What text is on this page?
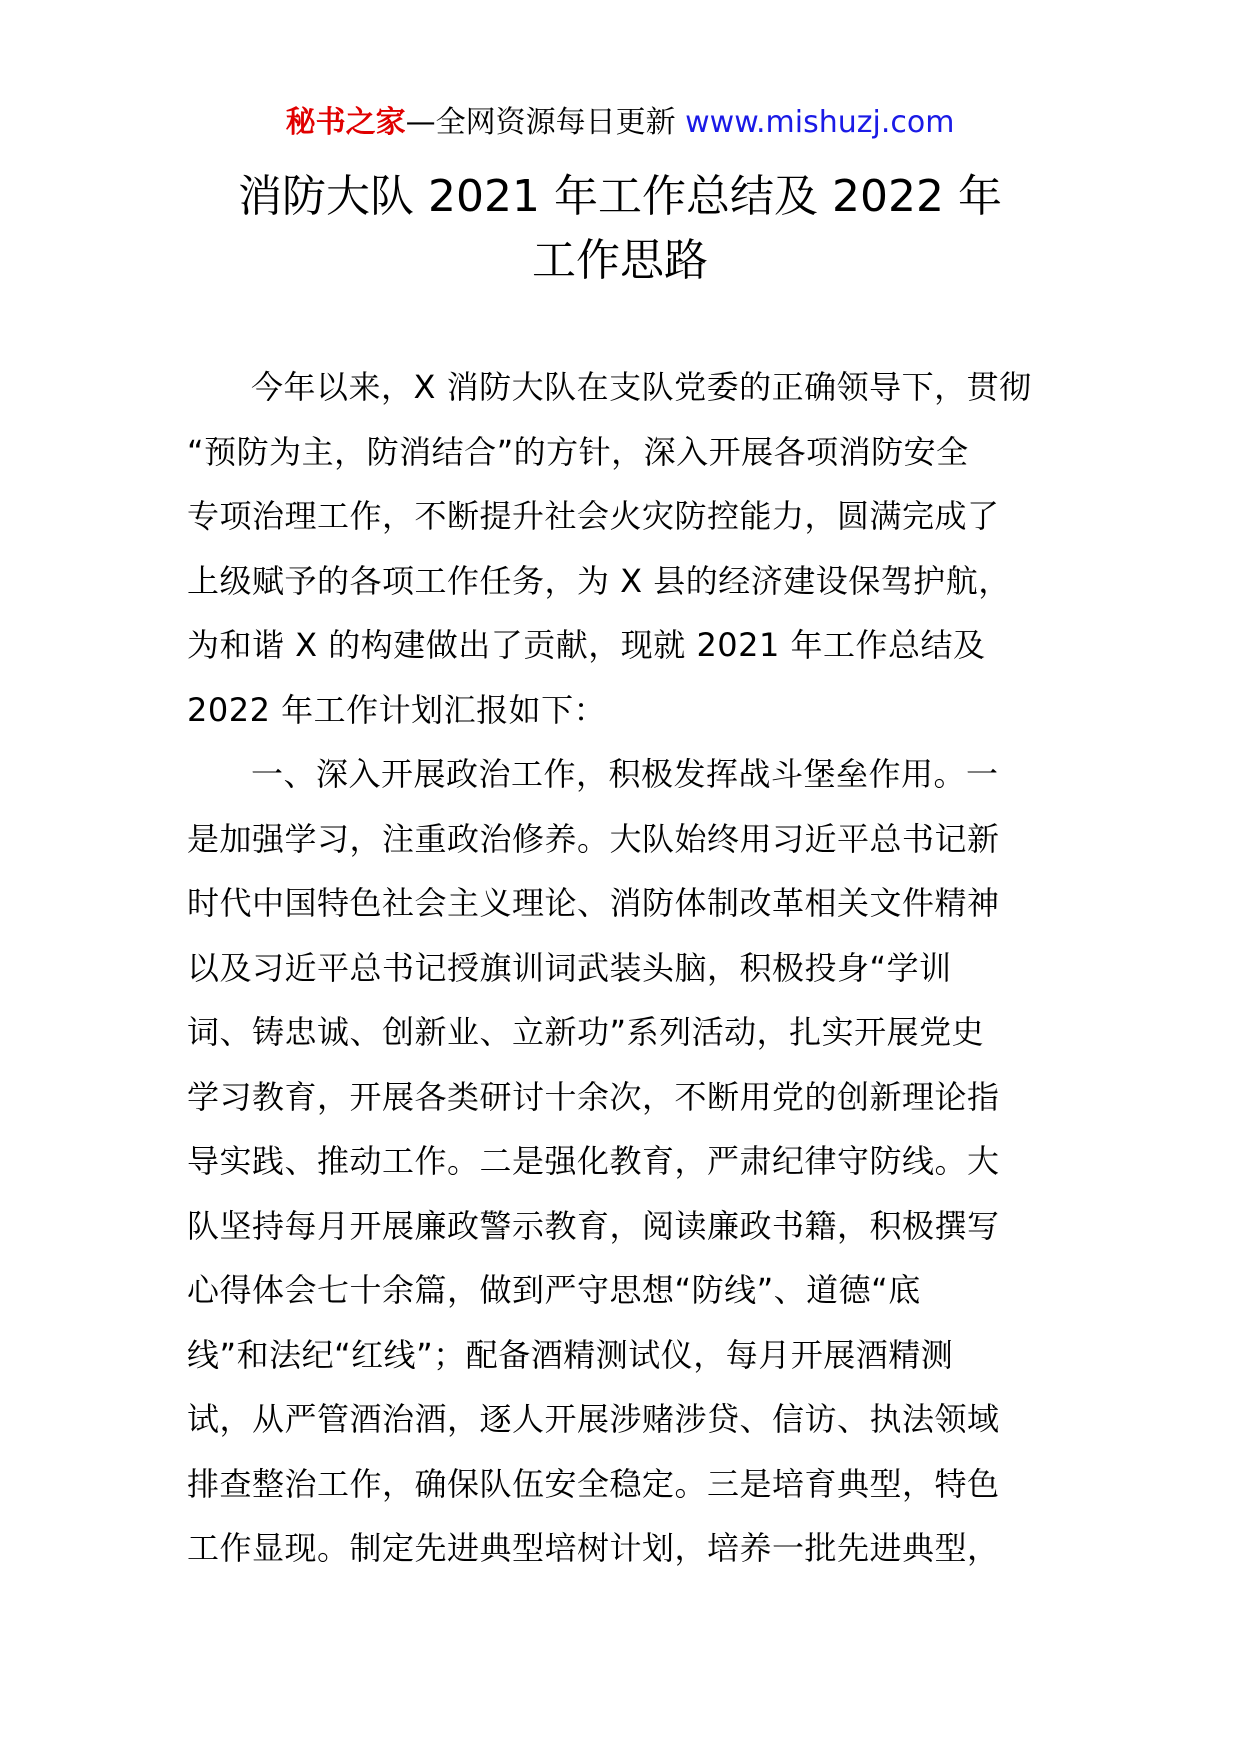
秘书之家—全网资源每日更新 www.mishuzj.com
消防大队 2021 年工作总结及 2022 年
工作思路
今年以来，X 消防大队在支队党委的正确领导下，贯彻
“预防为主，防消结合”的方针，深入开展各项消防安全
专项治理工作，不断提升社会火灾防控能力，圆满完成了
上级赋予的各项工作任务，为 X 县的经济建设保驾护航，
为和谐 X 的构建做出了贡献，现就 2021 年工作总结及
2022 年工作计划汇报如下：
一、深入开展政治工作，积极发挥战斗堡垒作用。一
是加强学习，注重政治修养。大队始终用习近平总书记新
时代中国特色社会主义理论、消防体制改革相关文件精神
以及习近平总书记授旗训词武装头脑，积极投身“学训
词、铸忠诚、创新业、立新功”系列活动，扎实开展党史
学习教育，开展各类研讨十余次，不断用党的创新理论指
导实践、推动工作。二是强化教育，严肃纪律守防线。大
队坚持每月开展廉政警示教育，阅读廉政书籍，积极撰写
心得体会七十余篇，做到严守思想“防线”、道德“底
线”和法纪“红线”；配备酒精测试仪，每月开展酒精测
试，从严管酒治酒，逐人开展涉赌涉贷、信访、执法领域
排查整治工作，确保队伍安全稳定。三是培育典型，特色
工作显现。制定先进典型培树计划，培养一批先进典型，
